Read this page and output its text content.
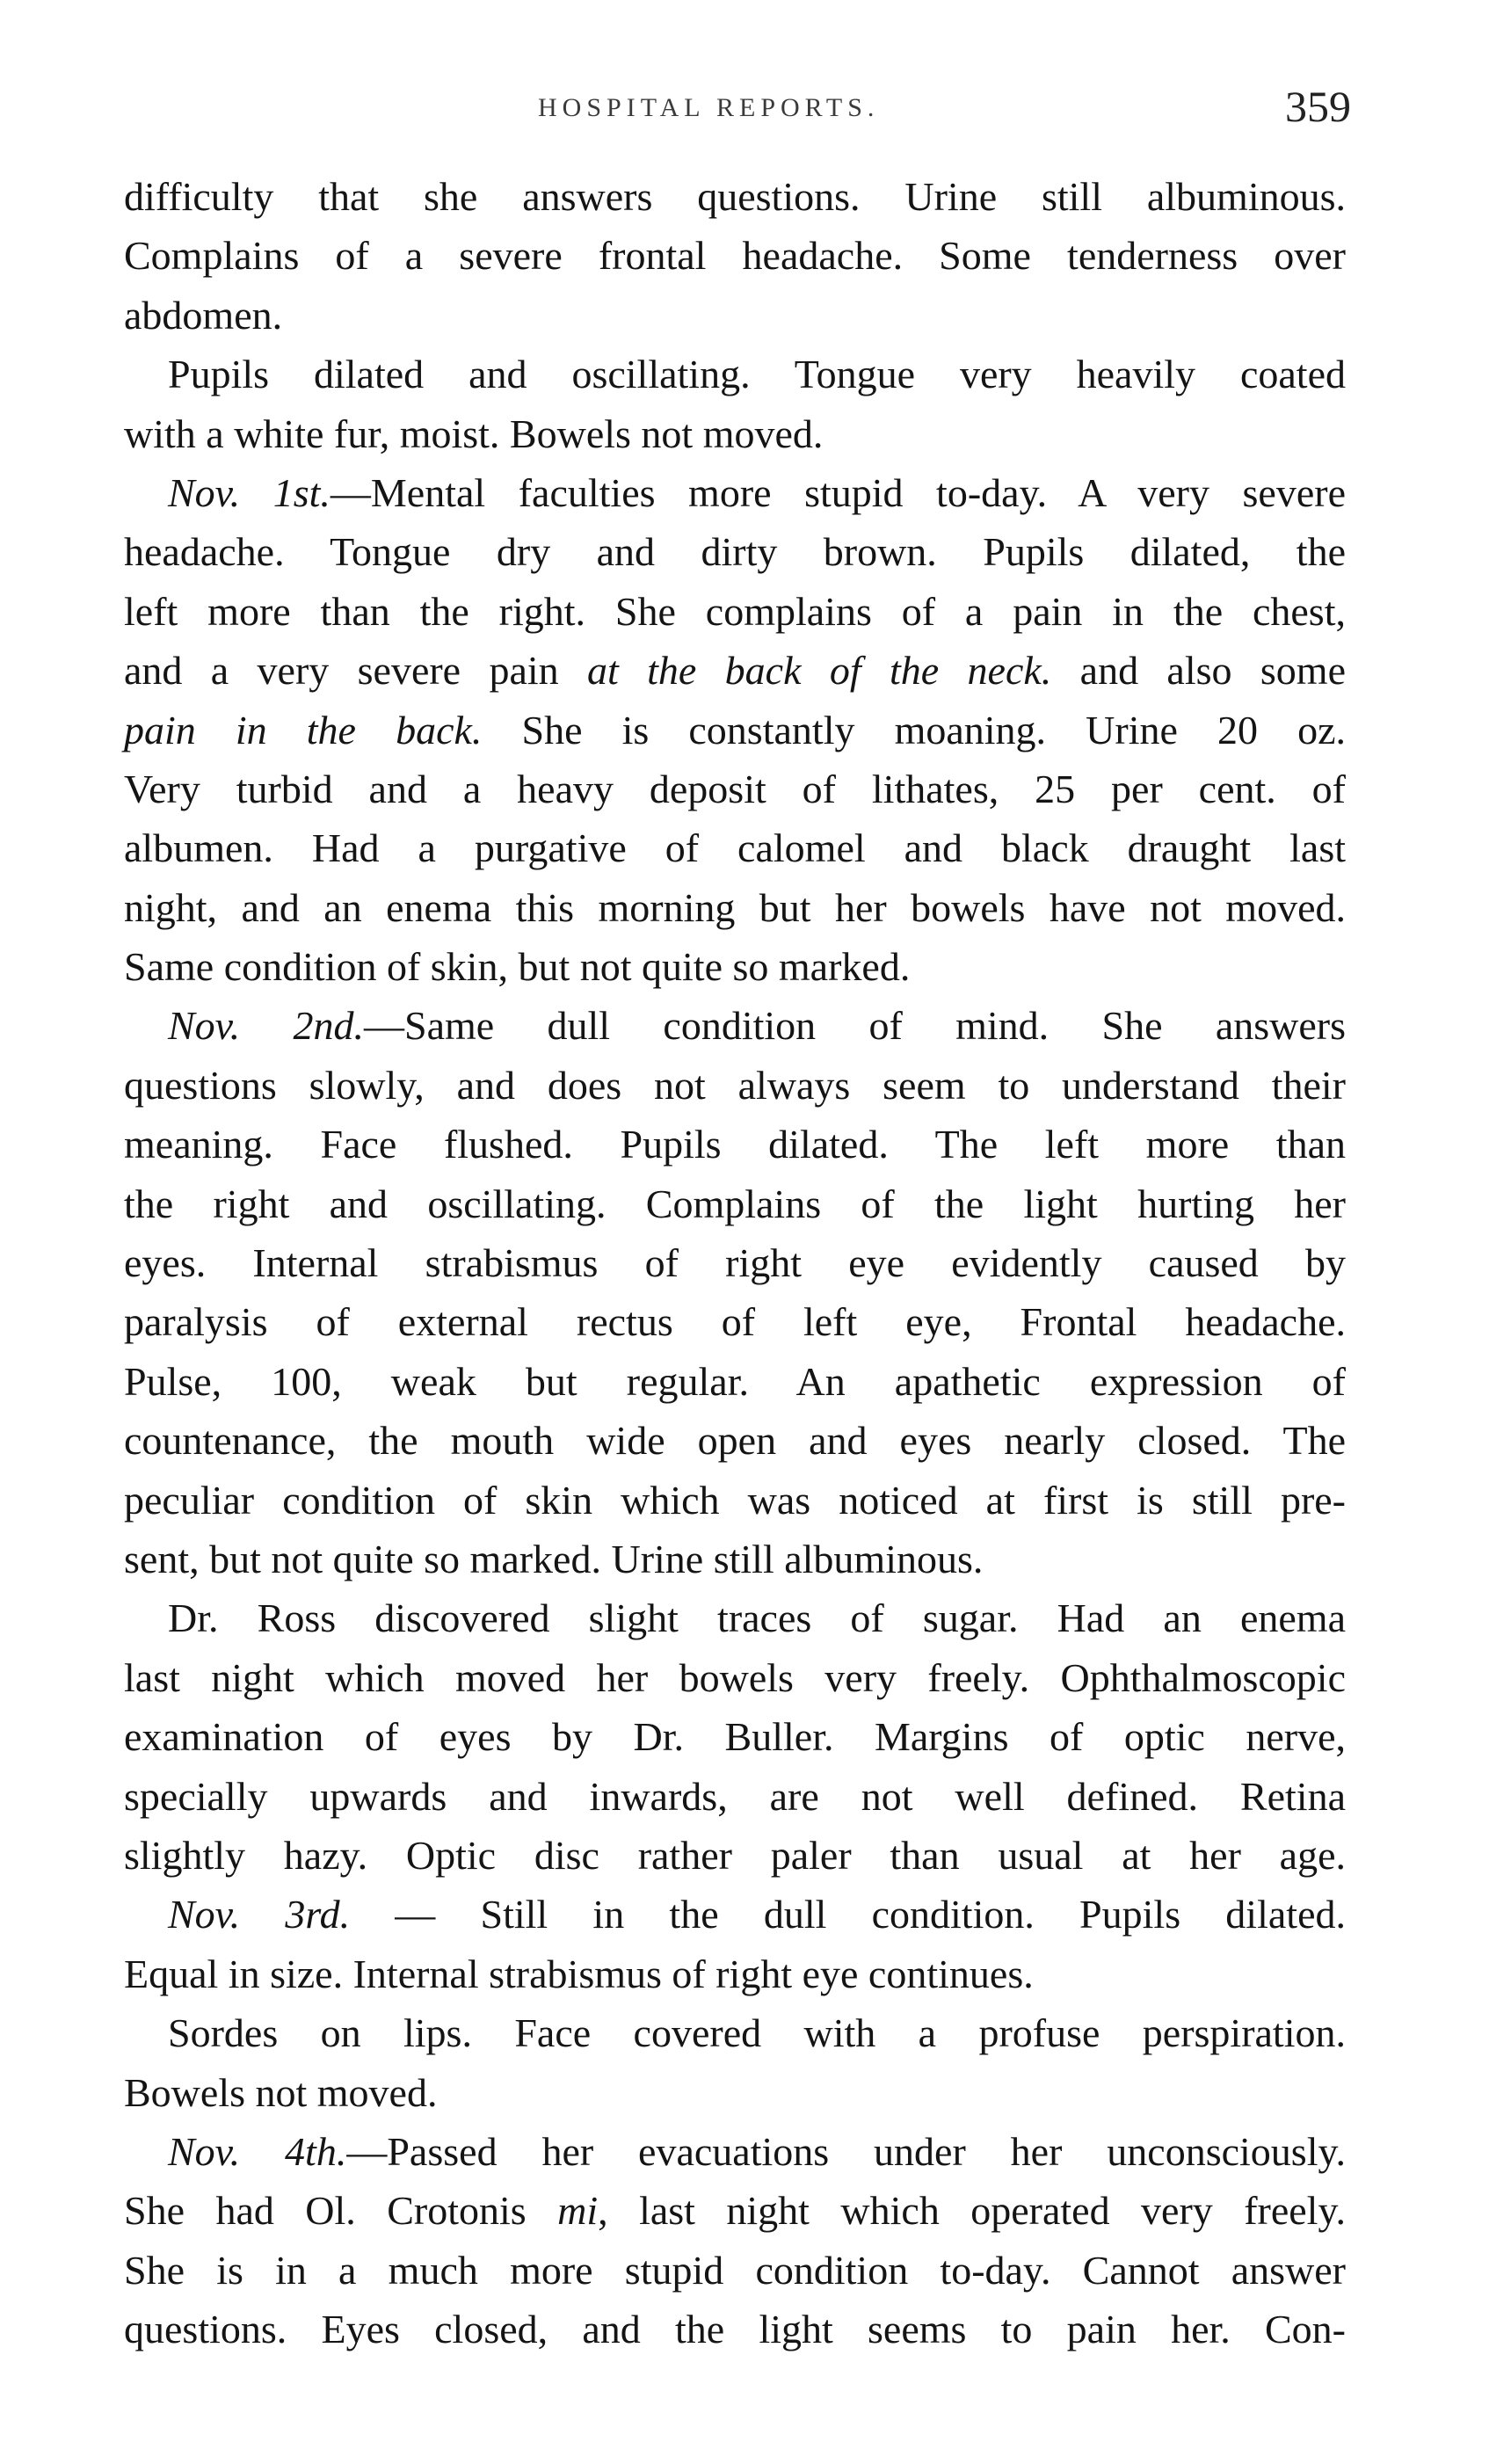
HOSPITAL REPORTS.	359
difficulty that she answers questions. Urine still albuminous.
Complains of a severe frontal headache. Some tenderness over
abdomen.
Pupils dilated and oscillating. Tongue very heavily coated
with a white fur, moist. Bowels not moved.
Nov. 1st.—Mental faculties more stupid to-day. A very severe
headache. Tongue dry and dirty brown. Pupils dilated, the
left more than the right. She complains of a pain in the chest,
and a very severe pain at the back of the neck. and also some
pain in the back. She is constantly moaning. Urine 20 oz.
Very turbid and a heavy deposit of lithates, 25 per cent. of
albumen. Had a purgative of calomel and black draught last
night, and an enema this morning but her bowels have not moved.
Same condition of skin, but not quite so marked.
Nov. 2nd.—Same dull condition of mind. She answers
questions slowly, and does not always seem to understand their
meaning. Face flushed. Pupils dilated. The left more than
the right and oscillating. Complains of the light hurting her
eyes. Internal strabismus of right eye evidently caused by
paralysis of external rectus of left eye, Frontal headache.
Pulse, 100, weak but regular. An apathetic expression of
countenance, the mouth wide open and eyes nearly closed. The
peculiar condition of skin which was noticed at first is still pre-
sent, but not quite so marked. Urine still albuminous.
Dr. Ross discovered slight traces of sugar. Had an enema
last night which moved her bowels very freely. Ophthalmoscopic
examination of eyes by Dr. Buller. Margins of optic nerve,
specially upwards and inwards, are not well defined. Retina
slightly hazy. Optic disc rather paler than usual at her age.
Nov. 3rd. — Still in the dull condition. Pupils dilated.
Equal in size. Internal strabismus of right eye continues.
Sordes on lips. Face covered with a profuse perspiration.
Bowels not moved.
Nov. 4th.—Passed her evacuations under her unconsciously.
She had Ol. Crotonis mi, last night which operated very freely.
She is in a much more stupid condition to-day. Cannot answer
questions. Eyes closed, and the light seems to pain her. Con-
